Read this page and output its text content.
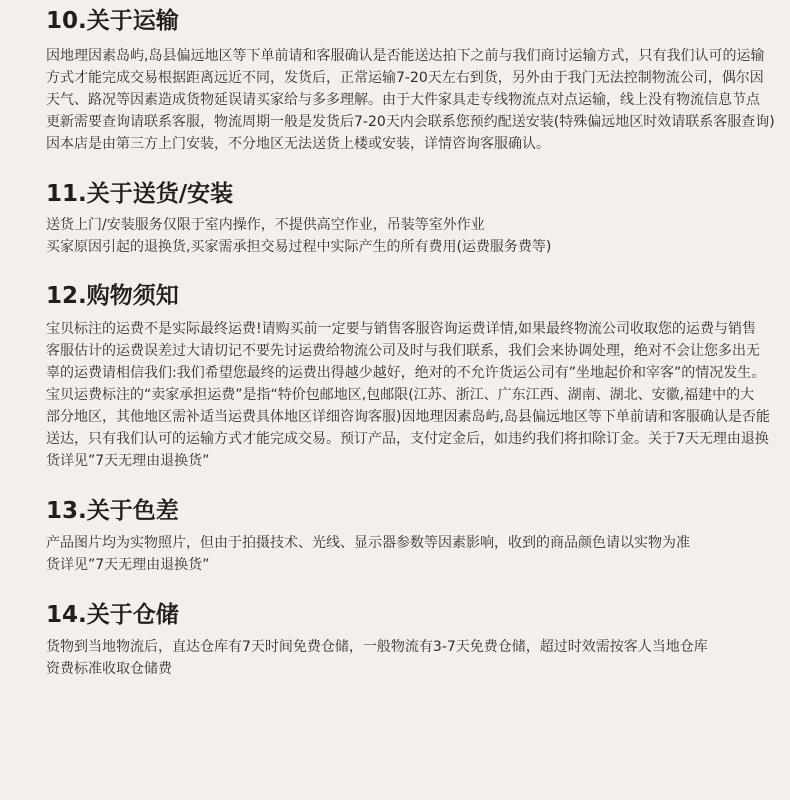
10.关于运输

因地理因素岛屿,岛县偏远地区等下单前请和客服确认是否能送达拍下之前与我们商讨运输方式，只有我们认可的运输

方式才能完成交易根据距离远近不同，发货后，正常运输7-20天左右到货，另外由于我门无法控制物流公司，偶尔因

天气、路况等因素造成货物延误请买家给与多多理解。由于大件家具走专线物流点对点运输，线上没有物流信息节点

更新需要查询请联系客服，物流周期一般是发货后7-20天内会联系您预约配送安装(特殊偏远地区时效请联系客服查询)

因本店是由第三方上门安装，不分地区无法送货上楼或安装，详情咨询客服确认。

11.关于送货/安装

送货上门/安装服务仅限于室内操作，不提供高空作业，吊装等室外作业

买家原因引起的退换货,买家需承担交易过程中实际产生的所有费用(运费服务费等)

12.购物须知

宝贝标注的运费不是实际最终运费!请购买前一定要与销售客服咨询运费详情,如果最终物流公司收取您的运费与销售

客服估计的运费误差过大请切记不要先讨运费给物流公司及时与我们联系，我们会来协调处理，绝对不会让您多出无

辜的运费请相信我们:我们希望您最终的运费出得越少越好，绝对的不允许货运公司有”坐地起价和宰客”的情况发生。

宝贝运费标注的“卖家承担运费”是指“特价包邮地区,包邮限(江苏、浙江、广东江西、湖南、湖北、安徽,福建中的大

部分地区，其他地区需补适当运费具体地区详细咨询客服)因地理因素岛屿,岛县偏远地区等下单前请和客服确认是否能

送达，只有我们认可的运输方式才能完成交易。预订产品，支付定金后，如违约我们将扣除订金。关于7天无理由退换

货详见”7天无理由退换货”

13.关于色差

产品图片均为实物照片，但由于拍摄技术、光线、显示器参数等因素影响，收到的商品颜色请以实物为准

货详见”7天无理由退换货”

14.关于仓储

货物到当地物流后，直达仓库有7天时间免费仓储，一般物流有3-7天免费仓储，超过时效需按客人当地仓库

资费标准收取仓储费
